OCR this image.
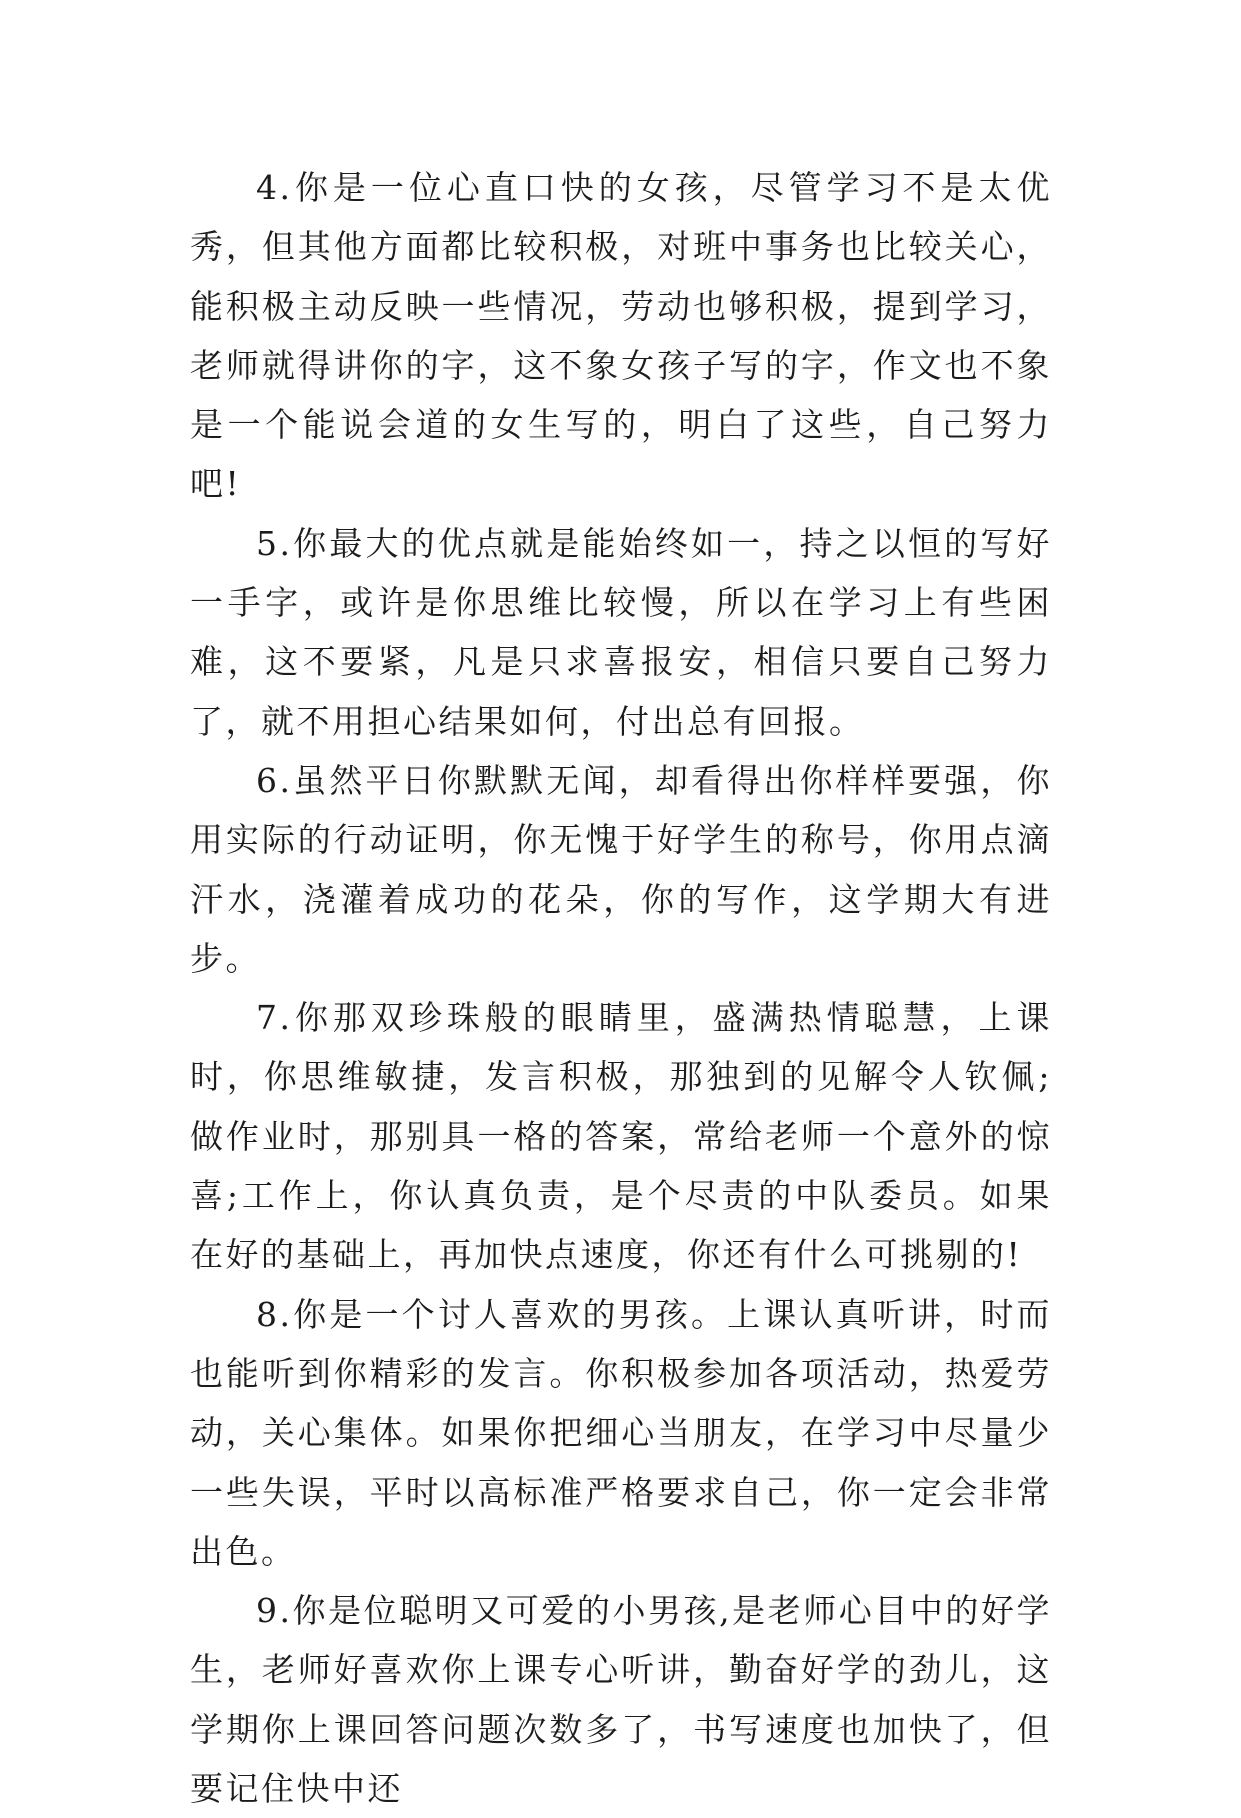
4.你是一位心直口快的女孩，尽管学习不是太优秀，但其他方面都比较积极，对班中事务也比较关心，能积极主动反映一些情况，劳动也够积极，提到学习，老师就得讲你的字，这不象女孩子写的字，作文也不象是一个能说会道的女生写的，明白了这些，自己努力吧!

5.你最大的优点就是能始终如一，持之以恒的写好一手字，或许是你思维比较慢，所以在学习上有些困难，这不要紧，凡是只求喜报安，相信只要自己努力了，就不用担心结果如何，付出总有回报。

6.虽然平日你默默无闻，却看得出你样样要强，你用实际的行动证明，你无愧于好学生的称号，你用点滴汗水，浇灌着成功的花朵，你的写作，这学期大有进步。

7.你那双珍珠般的眼睛里，盛满热情聪慧，上课时，你思维敏捷，发言积极，那独到的见解令人钦佩;做作业时，那别具一格的答案，常给老师一个意外的惊喜;工作上，你认真负责，是个尽责的中队委员。如果在好的基础上，再加快点速度，你还有什么可挑剔的!

8.你是一个讨人喜欢的男孩。上课认真听讲，时而也能听到你精彩的发言。你积极参加各项活动，热爱劳动，关心集体。如果你把细心当朋友，在学习中尽量少一些失误，平时以高标准严格要求自己，你一定会非常出色。

9.你是位聪明又可爱的小男孩,是老师心目中的好学生，老师好喜欢你上课专心听讲，勤奋好学的劲儿，这学期你上课回答问题次数多了，书写速度也加快了，但要记住快中还
